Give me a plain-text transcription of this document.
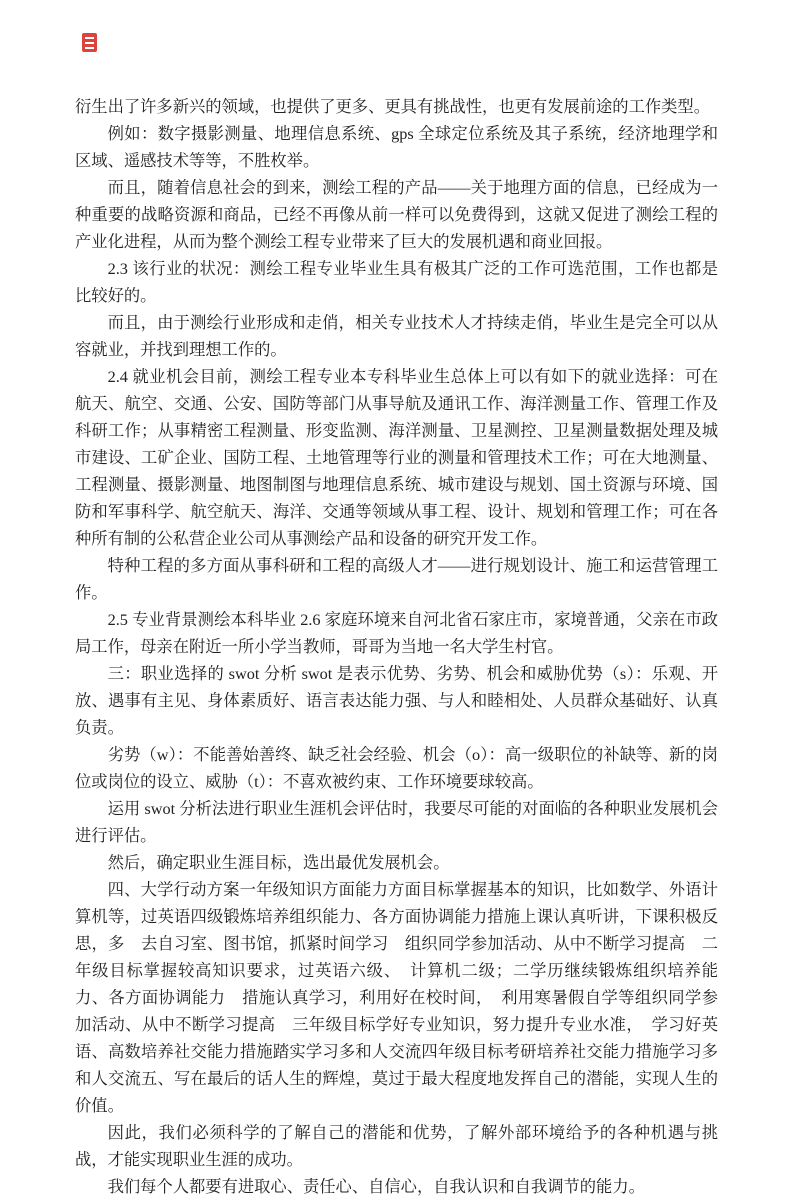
衍生出了许多新兴的领域，也提供了更多、更具有挑战性，也更有发展前途的工作类型。

例如：数字摄影测量、地理信息系统、gps 全球定位系统及其子系统，经济地理学和区域、遥感技术等等，不胜枚举。

而且，随着信息社会的到来，测绘工程的产品——关于地理方面的信息，已经成为一种重要的战略资源和商品，已经不再像从前一样可以免费得到，这就又促进了测绘工程的产业化进程，从而为整个测绘工程专业带来了巨大的发展机遇和商业回报。

2.3 该行业的状况：测绘工程专业毕业生具有极其广泛的工作可选范围，工作也都是比较好的。

而且，由于测绘行业形成和走俏，相关专业技术人才持续走俏，毕业生是完全可以从容就业，并找到理想工作的。

2.4 就业机会目前，测绘工程专业本专科毕业生总体上可以有如下的就业选择：可在航天、航空、交通、公安、国防等部门从事导航及通讯工作、海洋测量工作、管理工作及科研工作；从事精密工程测量、形变监测、海洋测量、卫星测控、卫星测量数据处理及城市建设、工矿企业、国防工程、土地管理等行业的测量和管理技术工作；可在大地测量、工程测量、摄影测量、地图制图与地理信息系统、城市建设与规划、国土资源与环境、国防和军事科学、航空航天、海洋、交通等领域从事工程、设计、规划和管理工作；可在各种所有制的公私营企业公司从事测绘产品和设备的研究开发工作。

特种工程的多方面从事科研和工程的高级人才——进行规划设计、施工和运营管理工作。

2.5 专业背景测绘本科毕业 2.6 家庭环境来自河北省石家庄市，家境普通，父亲在市政局工作，母亲在附近一所小学当教师，哥哥为当地一名大学生村官。

三：职业选择的 swot 分析 swot 是表示优势、劣势、机会和威胁优势（s）：乐观、开放、遇事有主见、身体素质好、语言表达能力强、与人和睦相处、人员群众基础好、认真负责。

劣势（w）：不能善始善终、缺乏社会经验、机会（o）：高一级职位的补缺等、新的岗位或岗位的设立、威胁（t）：不喜欢被约束、工作环境要球较高。

运用 swot 分析法进行职业生涯机会评估时，我要尽可能的对面临的各种职业发展机会进行评估。

然后，确定职业生涯目标，选出最优发展机会。

四、大学行动方案一年级知识方面能力方面目标掌握基本的知识，比如数学、外语计算机等，过英语四级锻炼培养组织能力、各方面协调能力措施上课认真听讲，下课积极反思，多　去自习室、图书馆，抓紧时间学习　组织同学参加活动、从中不断学习提高　二年级目标掌握较高知识要求，过英语六级、　计算机二级；二学历继续锻炼组织培养能力、各方面协调能力　措施认真学习，利用好在校时间，　利用寒暑假自学等组织同学参加活动、从中不断学习提高　三年级目标学好专业知识，努力提升专业水准，　学习好英语、高数培养社交能力措施踏实学习多和人交流四年级目标考研培养社交能力措施学习多和人交流五、写在最后的话人生的辉煌，莫过于最大程度地发挥自己的潜能，实现人生的价值。

因此，我们必须科学的了解自己的潜能和优势，了解外部环境给予的各种机遇与挑战，才能实现职业生涯的成功。

我们每个人都要有进取心、责任心、自信心，自我认识和自我调节的能力。
